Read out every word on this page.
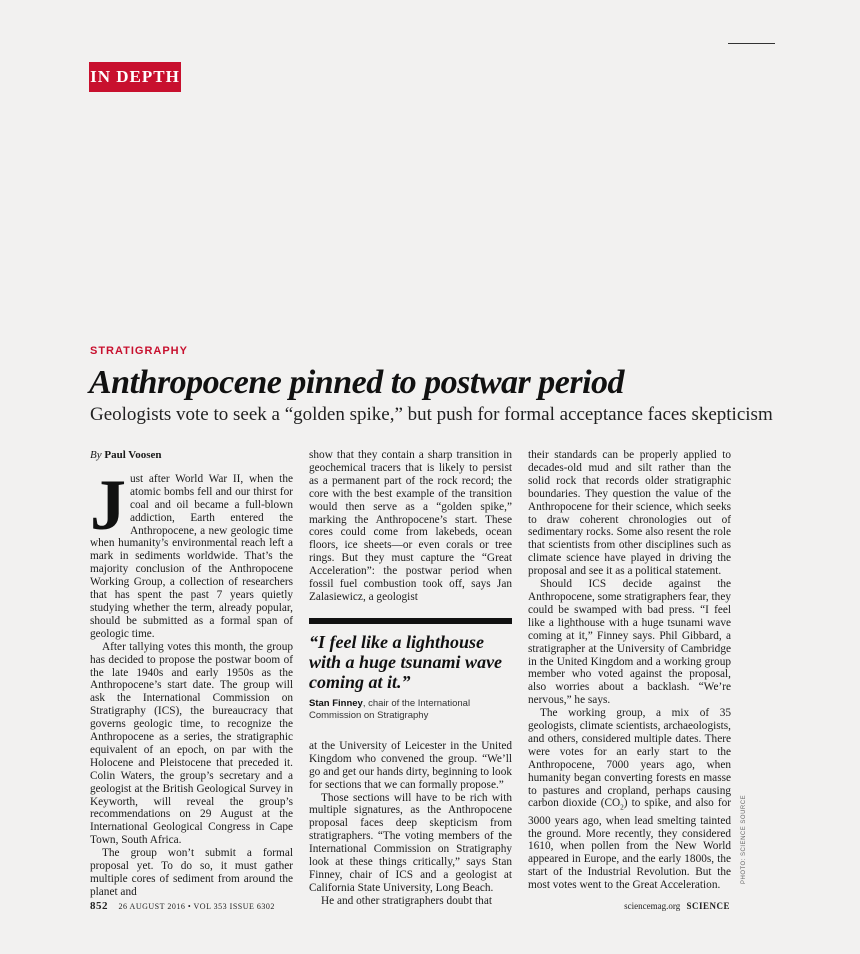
IN DEPTH
STRATIGRAPHY
Anthropocene pinned to postwar period
Geologists vote to seek a “golden spike,” but push for formal acceptance faces skepticism

By Paul Voosen

Just after World War II, when the atomic bombs fell and our thirst for coal and oil became a full-blown addiction, Earth entered the Anthropocene, a new geologic time when humanity’s environmental reach left a mark in sediments worldwide. That’s the majority conclusion of the Anthropocene Working Group, a collection of researchers that has spent the past 7 years quietly studying whether the term, already popular, should be submitted as a formal span of geologic time.

After tallying votes this month, the group has decided to propose the postwar boom of the late 1940s and early 1950s as the Anthropocene’s start date. The group will ask the International Commission on Stratigraphy (ICS), the bureaucracy that governs geologic time, to recognize the Anthropocene as a series, the stratigraphic equivalent of an epoch, on par with the Holocene and Pleistocene that preceded it. Colin Waters, the group’s secretary and a geologist at the British Geological Survey in Keyworth, will reveal the group’s recommendations on 29 August at the International Geological Congress in Cape Town, South Africa.

The group won’t submit a formal proposal yet. To do so, it must gather multiple cores of sediment from around the planet and

show that they contain a sharp transition in geochemical tracers that is likely to persist as a permanent part of the rock record; the core with the best example of the transition would then serve as a “golden spike,” marking the Anthropocene’s start. These cores could come from lakebeds, ocean floors, ice sheets—or even corals or tree rings. But they must capture the “Great Acceleration”: the postwar period when fossil fuel combustion took off, says Jan Zalasiewicz, a geologist

“I feel like a lighthouse with a huge tsunami wave coming at it.”
Stan Finney, chair of the International Commission on Stratigraphy

at the University of Leicester in the United Kingdom who convened the group. “We’ll go and get our hands dirty, beginning to look for sections that we can formally propose.”

Those sections will have to be rich with multiple signatures, as the Anthropocene proposal faces deep skepticism from stratigraphers. “The voting members of the International Commission on Stratigraphy look at these things critically,” says Stan Finney, chair of ICS and a geologist at California State University, Long Beach.

He and other stratigraphers doubt that

their standards can be properly applied to decades-old mud and silt rather than the solid rock that records older stratigraphic boundaries. They question the value of the Anthropocene for their science, which seeks to draw coherent chronologies out of sedimentary rocks. Some also resent the role that scientists from other disciplines such as climate science have played in driving the proposal and see it as a political statement.

Should ICS decide against the Anthropocene, some stratigraphers fear, they could be swamped with bad press. “I feel like a lighthouse with a huge tsunami wave coming at it,” Finney says. Phil Gibbard, a stratigrapher at the University of Cambridge in the United Kingdom and a working group member who voted against the proposal, also worries about a backlash. “We’re nervous,” he says.

The working group, a mix of 35 geologists, climate scientists, archaeologists, and others, considered multiple dates. There were votes for an early start to the Anthropocene, 7000 years ago, when humanity began converting forests en masse to pastures and cropland, perhaps causing carbon dioxide $(CO_2)$ to spike, and also for 3000 years ago, when lead smelting tainted the ground. More recently, they considered 1610, when pollen from the New World appeared in Europe, and the early 1800s, the start of the Industrial Revolution. But the most votes went to the Great Acceleration.

PHOTO: SCIENCE SOURCE
852 26 AUGUST 2016 • VOL 353 ISSUE 6302	sciencemag.org SCIENCE
